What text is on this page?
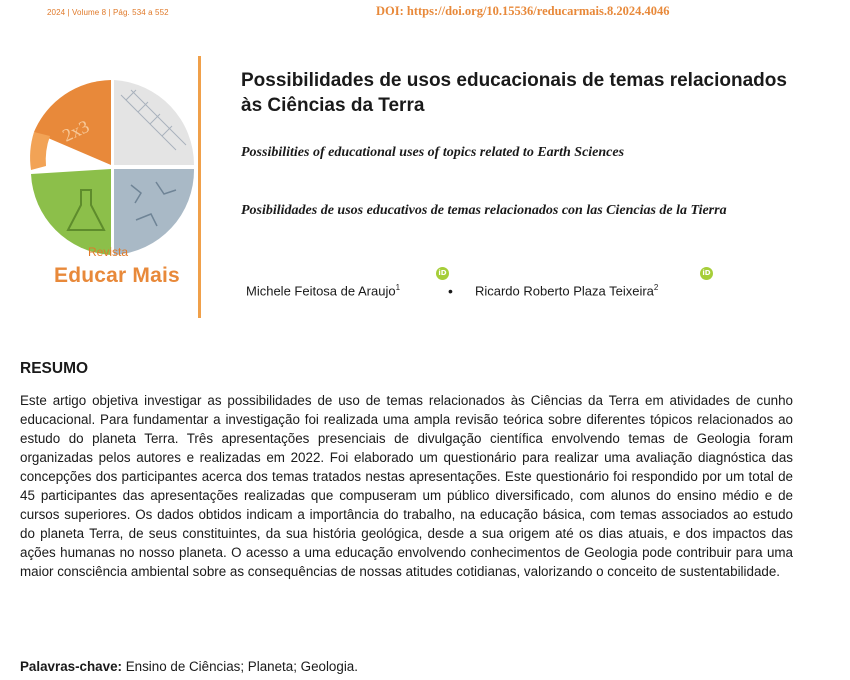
2024 | Volume 8 | Pág. 534 a 552	DOI: https://doi.org/10.15536/reducarmais.8.2024.4046
2x3
Revista
Educar Mais
Possibilidades de usos educacionais de temas relacionados às Ciências da Terra
Possibilities of educational uses of topics related to Earth Sciences
Posibilidades de usos educativos de temas relacionados con las Ciencias de la Tierra
Michele Feitosa de Araujo$^1$
iD
• Ricardo Roberto Plaza Teixeira$^2$
iD
RESUMO
Este artigo objetiva investigar as possibilidades de uso de temas relacionados às Ciências da Terra em atividades de cunho educacional. Para fundamentar a investigação foi realizada uma ampla revisão teórica sobre diferentes tópicos relacionados ao estudo do planeta Terra. Três apresentações presenciais de divulgação científica envolvendo temas de Geologia foram organizadas pelos autores e realizadas em 2022. Foi elaborado um questionário para realizar uma avaliação diagnóstica das concepções dos participantes acerca dos temas tratados nestas apresentações. Este questionário foi respondido por um total de 45 participantes das apresentações realizadas que compuseram um público diversificado, com alunos do ensino médio e de cursos superiores. Os dados obtidos indicam a importância do trabalho, na educação básica, com temas associados ao estudo do planeta Terra, de seus constituintes, da sua história geológica, desde a sua origem até os dias atuais, e dos impactos das ações humanas no nosso planeta. O acesso a uma educação envolvendo conhecimentos de Geologia pode contribuir para uma maior consciência ambiental sobre as consequências de nossas atitudes cotidianas, valorizando o conceito de sustentabilidade.
Palavras-chave: Ensino de Ciências; Planeta; Geologia.
